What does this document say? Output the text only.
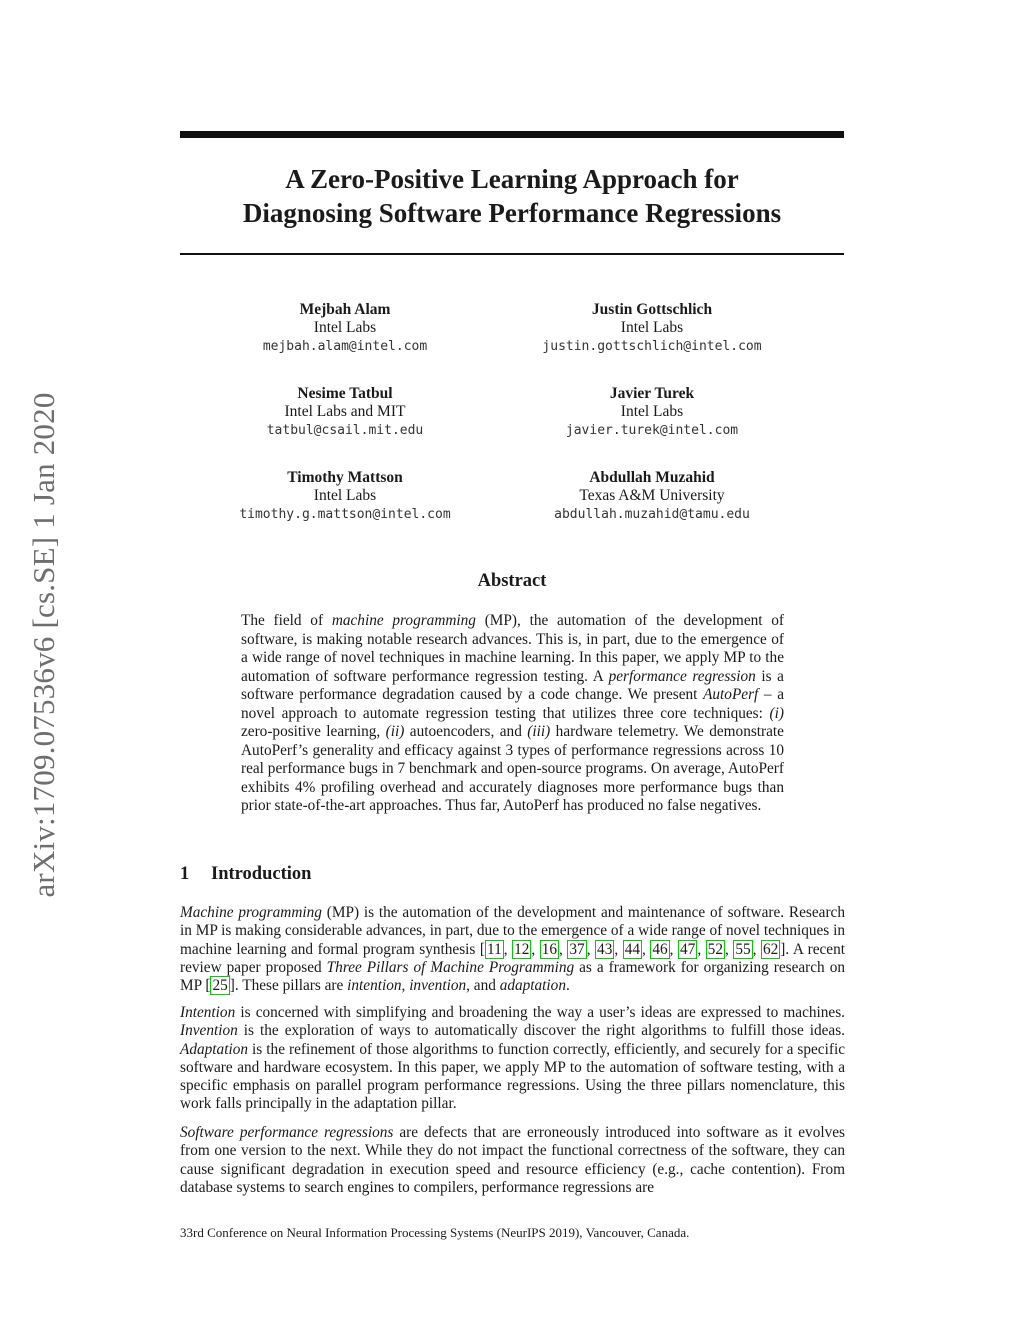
arXiv:1709.07536v6 [cs.SE] 1 Jan 2020
A Zero-Positive Learning Approach for
Diagnosing Software Performance Regressions
Mejbah Alam
Intel Labs
mejbah.alam@intel.com
Justin Gottschlich
Intel Labs
justin.gottschlich@intel.com
Nesime Tatbul
Intel Labs and MIT
tatbul@csail.mit.edu
Javier Turek
Intel Labs
javier.turek@intel.com
Timothy Mattson
Intel Labs
timothy.g.mattson@intel.com
Abdullah Muzahid
Texas A&M University
abdullah.muzahid@tamu.edu
Abstract

The field of machine programming (MP), the automation of the development of software, is making notable research advances. This is, in part, due to the emergence of a wide range of novel techniques in machine learning. In this paper, we apply MP to the automation of software performance regression testing. A performance regression is a software performance degradation caused by a code change. We present AutoPerf – a novel approach to automate regression testing that utilizes three core techniques: (i) zero-positive learning, (ii) autoencoders, and (iii) hardware telemetry. We demonstrate AutoPerf’s generality and efficacy against 3 types of performance regressions across 10 real performance bugs in 7 benchmark and open-source programs. On average, AutoPerf exhibits 4% profiling overhead and accurately diagnoses more performance bugs than prior state-of-the-art approaches. Thus far, AutoPerf has produced no false negatives.

1 Introduction

Machine programming (MP) is the automation of the development and maintenance of software. Research in MP is making considerable advances, in part, due to the emergence of a wide range of novel techniques in machine learning and formal program synthesis [ 11 , 12 , 16 , 37 , 43 , 44 , 46 , 47 , 52 , 55 , 62 ]. A recent review paper proposed Three Pillars of Machine Programming as a framework for organizing research on MP [ 25 ]. These pillars are intention, invention, and adaptation.

Intention is concerned with simplifying and broadening the way a user’s ideas are expressed to machines. Invention is the exploration of ways to automatically discover the right algorithms to fulfill those ideas. Adaptation is the refinement of those algorithms to function correctly, efficiently, and securely for a specific software and hardware ecosystem. In this paper, we apply MP to the automation of software testing, with a specific emphasis on parallel program performance regressions. Using the three pillars nomenclature, this work falls principally in the adaptation pillar.

Software performance regressions are defects that are erroneously introduced into software as it evolves from one version to the next. While they do not impact the functional correctness of the software, they can cause significant degradation in execution speed and resource efficiency (e.g., cache contention). From database systems to search engines to compilers, performance regressions are

33rd Conference on Neural Information Processing Systems (NeurIPS 2019), Vancouver, Canada.
